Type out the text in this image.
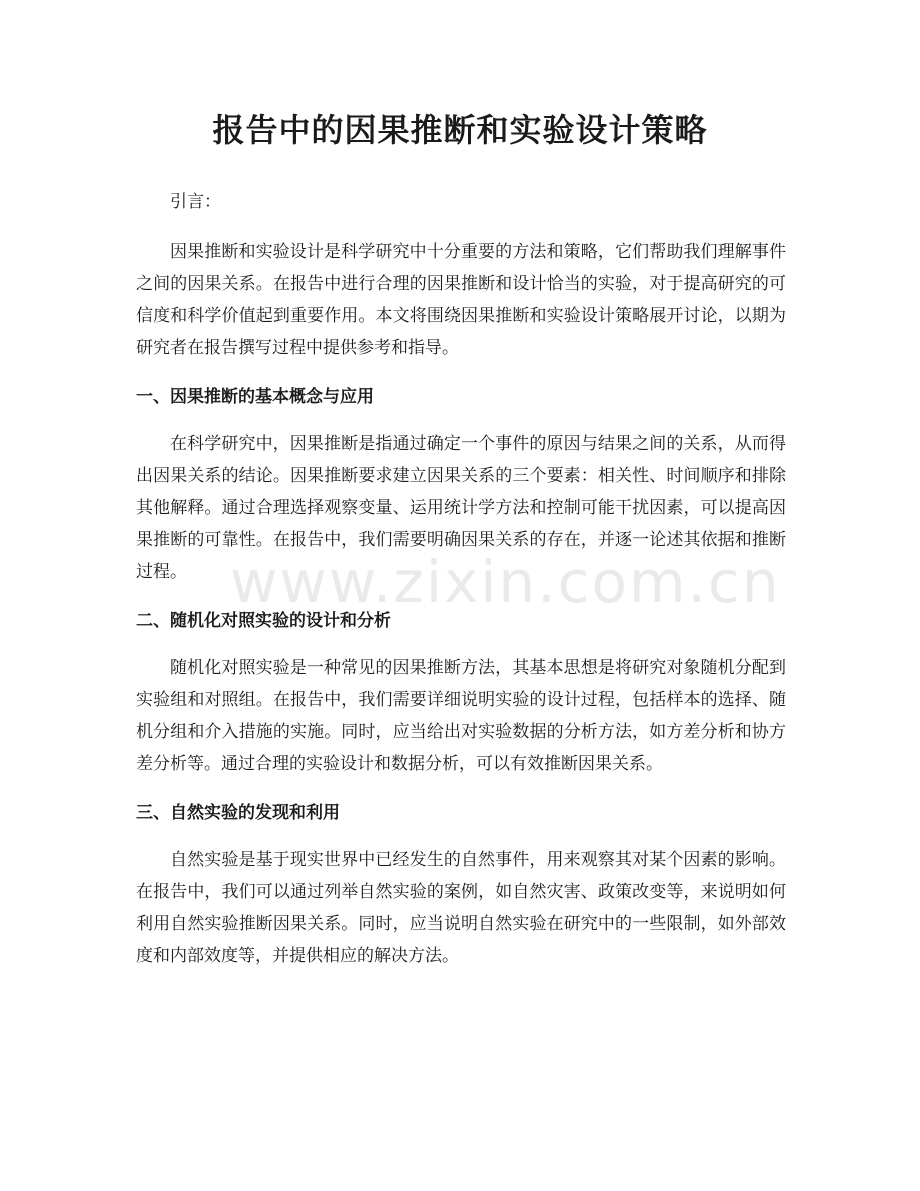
报告中的因果推断和实验设计策略

引言：

因果推断和实验设计是科学研究中十分重要的方法和策略，它们帮助我们理解事件之间的因果关系。在报告中进行合理的因果推断和设计恰当的实验，对于提高研究的可信度和科学价值起到重要作用。本文将围绕因果推断和实验设计策略展开讨论，以期为研究者在报告撰写过程中提供参考和指导。

一、因果推断的基本概念与应用

在科学研究中，因果推断是指通过确定一个事件的原因与结果之间的关系，从而得出因果关系的结论。因果推断要求建立因果关系的三个要素：相关性、时间顺序和排除其他解释。通过合理选择观察变量、运用统计学方法和控制可能干扰因素，可以提高因果推断的可靠性。在报告中，我们需要明确因果关系的存在，并逐一论述其依据和推断过程。

二、随机化对照实验的设计和分析

随机化对照实验是一种常见的因果推断方法，其基本思想是将研究对象随机分配到实验组和对照组。在报告中，我们需要详细说明实验的设计过程，包括样本的选择、随机分组和介入措施的实施。同时，应当给出对实验数据的分析方法，如方差分析和协方差分析等。通过合理的实验设计和数据分析，可以有效推断因果关系。

三、自然实验的发现和利用

自然实验是基于现实世界中已经发生的自然事件，用来观察其对某个因素的影响。在报告中，我们可以通过列举自然实验的案例，如自然灾害、政策改变等，来说明如何利用自然实验推断因果关系。同时，应当说明自然实验在研究中的一些限制，如外部效度和内部效度等，并提供相应的解决方法。

www.zixin.com.cn
